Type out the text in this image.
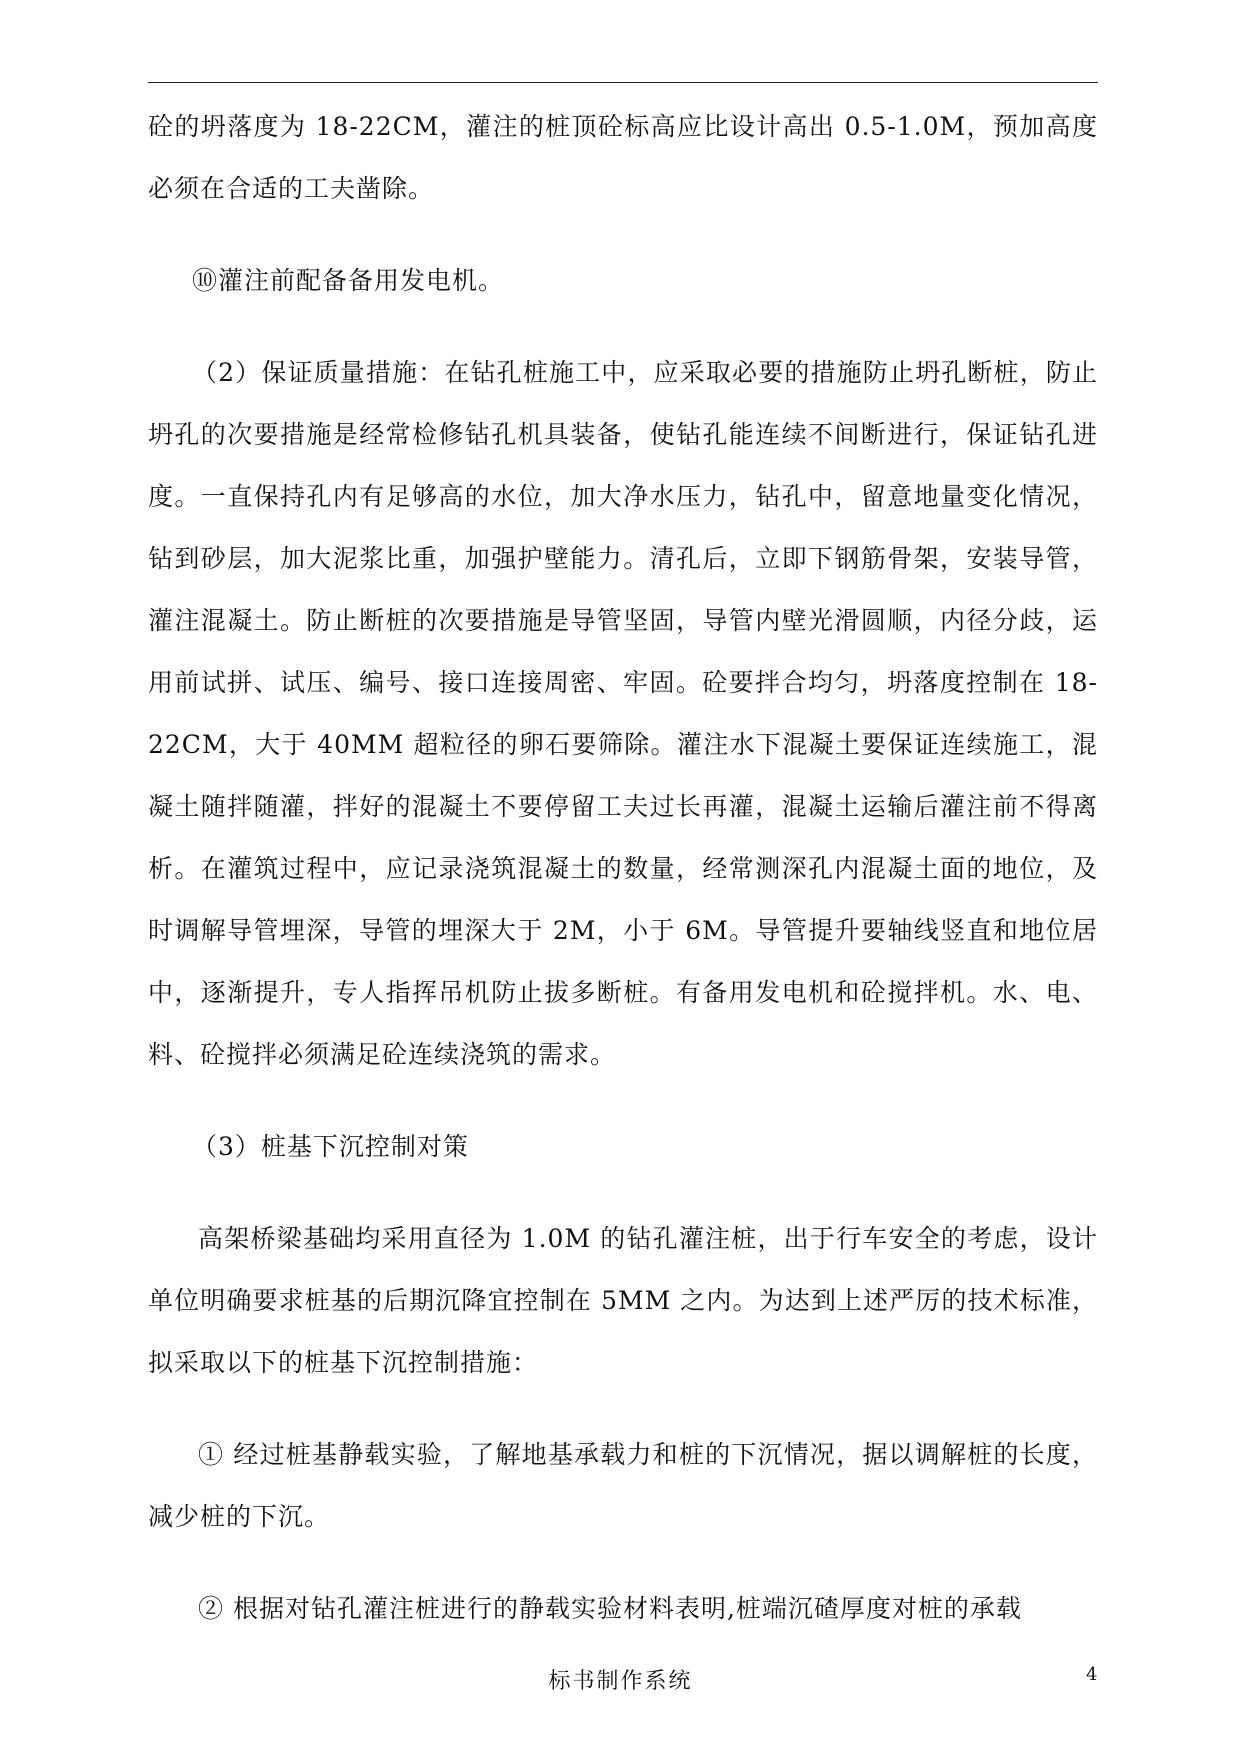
砼的坍落度为 18-22CM，灌注的桩顶砼标高应比设计高出 0.5-1.0M，预加高度必须在合适的工夫凿除。

⑩灌注前配备备用发电机。

（2）保证质量措施：在钻孔桩施工中，应采取必要的措施防止坍孔断桩，防止坍孔的次要措施是经常检修钻孔机具装备，使钻孔能连续不间断进行，保证钻孔进度。一直保持孔内有足够高的水位，加大净水压力，钻孔中，留意地量变化情况，钻到砂层，加大泥浆比重，加强护壁能力。清孔后，立即下钢筋骨架，安装导管，灌注混凝土。防止断桩的次要措施是导管坚固，导管内壁光滑圆顺，内径分歧，运用前试拼、试压、编号、接口连接周密、牢固。砼要拌合均匀，坍落度控制在 18-22CM，大于 40MM 超粒径的卵石要筛除。灌注水下混凝土要保证连续施工，混凝土随拌随灌，拌好的混凝土不要停留工夫过长再灌，混凝土运输后灌注前不得离析。在灌筑过程中，应记录浇筑混凝土的数量，经常测深孔内混凝土面的地位，及时调解导管埋深，导管的埋深大于 2M，小于 6M。导管提升要轴线竖直和地位居中，逐渐提升，专人指挥吊机防止拔多断桩。有备用发电机和砼搅拌机。水、电、料、砼搅拌必须满足砼连续浇筑的需求。

（3）桩基下沉控制对策

高架桥梁基础均采用直径为 1.0M 的钻孔灌注桩，出于行车安全的考虑，设计单位明确要求桩基的后期沉降宜控制在 5MM 之内。为达到上述严厉的技术标准，拟采取以下的桩基下沉控制措施：

① 经过桩基静载实验，了解地基承载力和桩的下沉情况，据以调解桩的长度，减少桩的下沉。

② 根据对钻孔灌注桩进行的静载实验材料表明,桩端沉碴厚度对桩的承载

标书制作系统	4
